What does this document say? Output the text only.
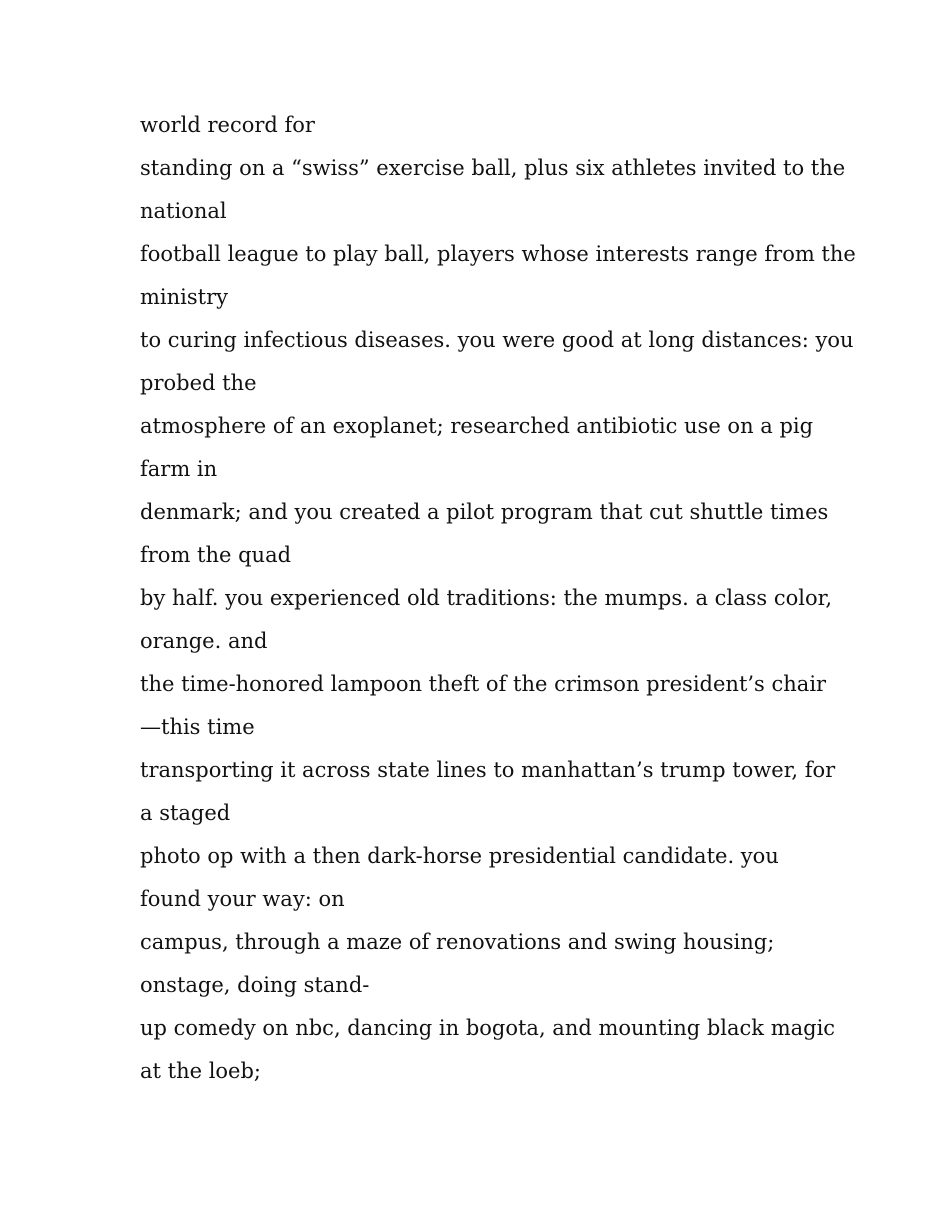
world record for
standing on a “swiss” exercise ball, plus six athletes invited to the
national
football league to play ball, players whose interests range from the
ministry
to curing infectious diseases. you were good at long distances: you
probed the
atmosphere of an exoplanet; researched antibiotic use on a pig
farm in
denmark; and you created a pilot program that cut shuttle times
from the quad
by half. you experienced old traditions: the mumps. a class color,
orange. and
the time-honored lampoon theft of the crimson president’s chair
—this time
transporting it across state lines to manhattan’s trump tower, for
a staged
photo op with a then dark-horse presidential candidate. you
found your way: on
campus, through a maze of renovations and swing housing;
onstage, doing stand-
up comedy on nbc, dancing in bogota, and mounting black magic
at the loeb;
